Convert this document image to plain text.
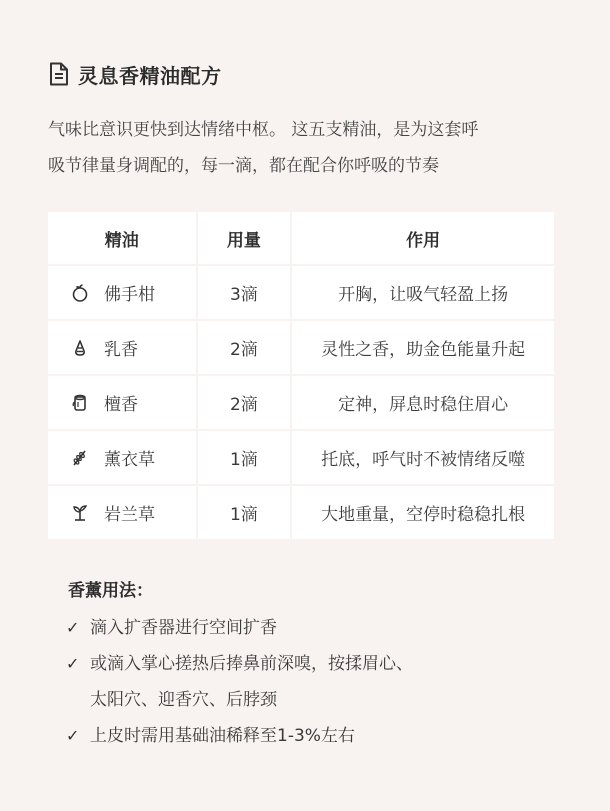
灵息香精油配方

气味比意识更快到达情绪中枢。 这五支精油，是为这套呼

吸节律量身调配的，每一滴，都在配合你呼吸的节奏

精油	用量	作用

佛手柑	3滴	开胸，让吸气轻盈上扬

乳香	2滴	灵性之香，助金色能量升起

檀香	2滴	定神，屏息时稳住眉心

薰衣草	1滴	托底，呼气时不被情绪反噬

岩兰草	1滴	大地重量，空停时稳稳扎根
香薰用法：
✓ 滴入扩香器进行空间扩香
✓ 或滴入掌心搓热后捧鼻前深嗅，按揉眉心、
太阳穴、迎香穴、后脖颈
✓ 上皮时需用基础油稀释至1-3%左右
